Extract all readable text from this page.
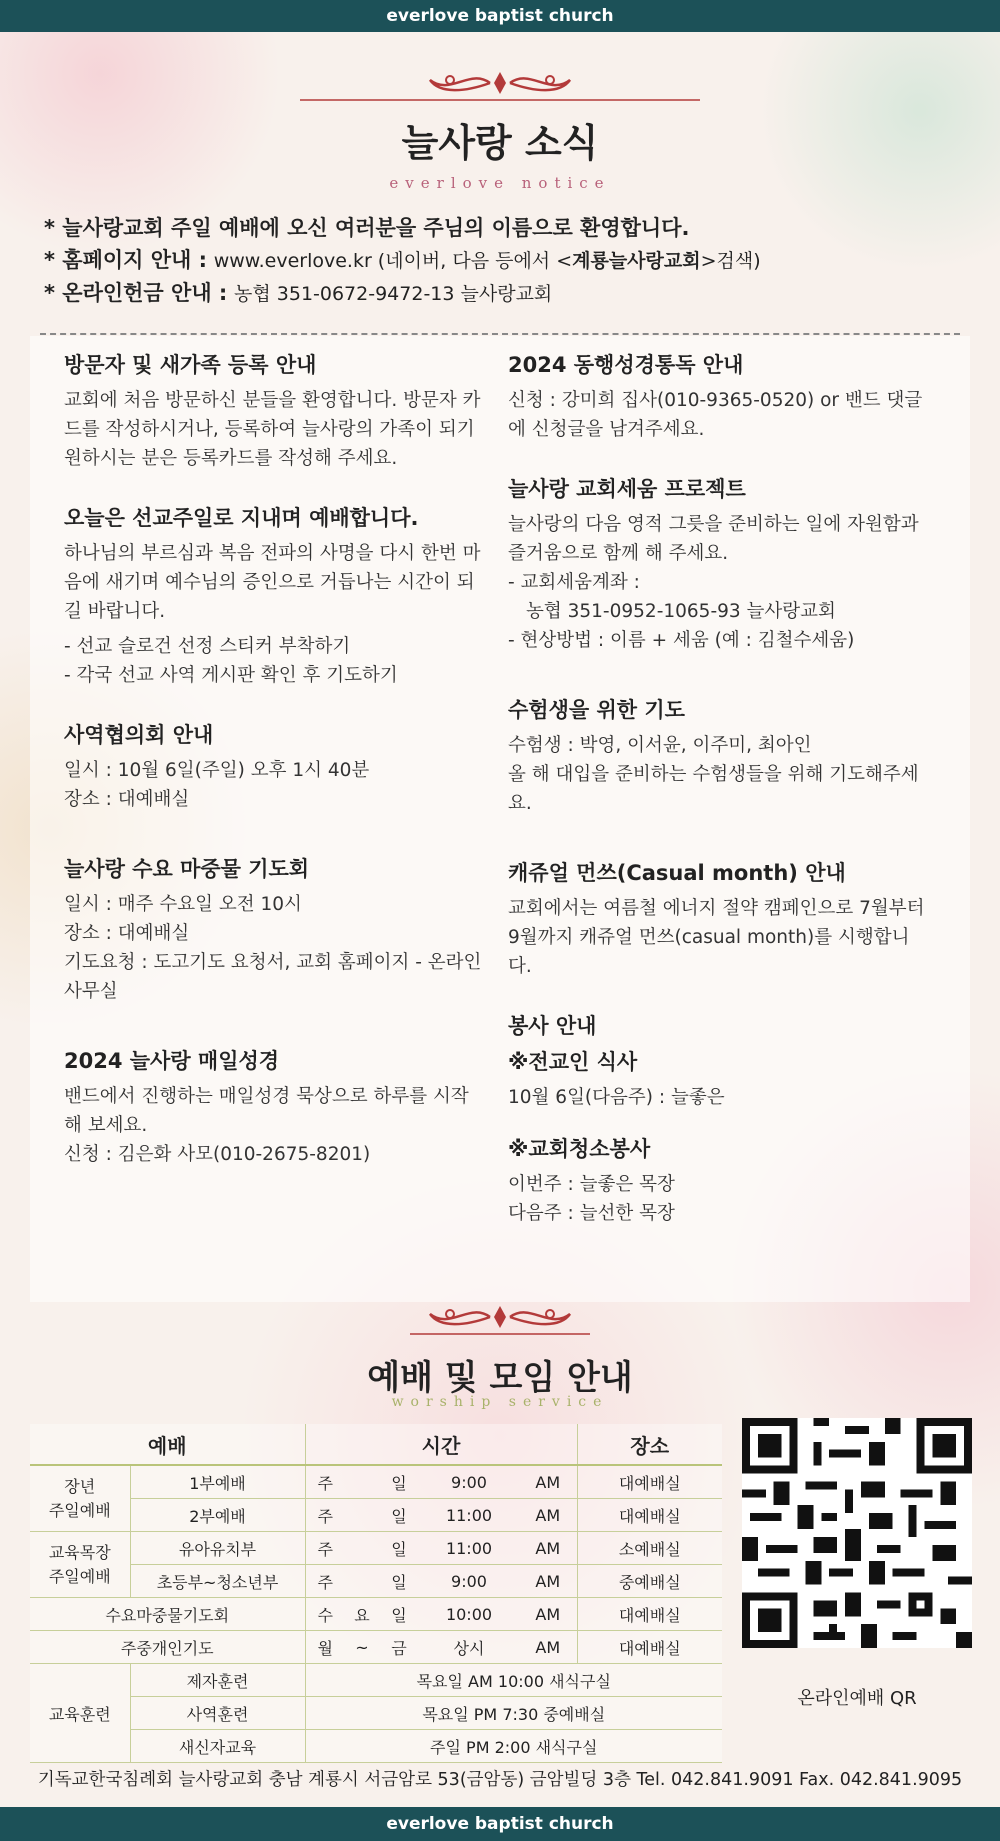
everlove baptist church
늘사랑 소식
everlove notice
* 늘사랑교회 주일 예배에 오신 여러분을 주님의 이름으로 환영합니다.
* 홈페이지 안내 : www.everlove.kr (네이버, 다음 등에서 <계룡늘사랑교회>검색)
* 온라인헌금 안내 : 농협 351-0672-9472-13 늘사랑교회
방문자 및 새가족 등록 안내

교회에 처음 방문하신 분들을 환영합니다. 방문자 카드를 작성하시거나, 등록하여 늘사랑의 가족이 되기 원하시는 분은 등록카드를 작성해 주세요.

오늘은 선교주일로 지내며 예배합니다.

하나님의 부르심과 복음 전파의 사명을 다시 한번 마음에 새기며 예수님의 증인으로 거듭나는 시간이 되길 바랍니다.

- 선교 슬로건 선정 스티커 부착하기

- 각국 선교 사역 게시판 확인 후 기도하기

사역협의회 안내

일시 : 10월 6일(주일) 오후 1시 40분

장소 : 대예배실

늘사랑 수요 마중물 기도회

일시 : 매주 수요일 오전 10시

장소 : 대예배실

기도요청 : 도고기도 요청서, 교회 홈페이지 - 온라인 사무실

2024 늘사랑 매일성경

밴드에서 진행하는 매일성경 묵상으로 하루를 시작해 보세요.

신청 : 김은화 사모(010-2675-8201)

2024 동행성경통독 안내

신청 : 강미희 집사(010-9365-0520) or 밴드 댓글에 신청글을 남겨주세요.

늘사랑 교회세움 프로젝트

늘사랑의 다음 영적 그릇을 준비하는 일에 자원함과 즐거움으로 함께 해 주세요.

- 교회세움계좌 :

농협 351-0952-1065-93 늘사랑교회

- 현상방법 : 이름 + 세움 (예 : 김철수세움)

수험생을 위한 기도

수험생 : 박영, 이서윤, 이주미, 최아인

올 해 대입을 준비하는 수험생들을 위해 기도해주세요.

캐쥬얼 먼쓰(Casual month) 안내

교회에서는 여름철 에너지 절약 캠페인으로 7월부터 9월까지 캐쥬얼 먼쓰(casual month)를 시행합니다.

봉사 안내
※전교인 식사

10월 6일(다음주) : 늘좋은

※교회청소봉사

이번주 : 늘좋은 목장

다음주 : 늘선한 목장

예배 및 모임 안내
worship service
예배		시간					장소
장년
주일예배	1부예배	주		일	9:00	AM	대예배실
	2부예배	주		일	11:00	AM	대예배실
교육목장
주일예배	유아유치부	주		일	11:00	AM	소예배실
	초등부~청소년부	주		일	9:00	AM	중예배실
수요마중물기도회		수	요	일	10:00	AM	대예배실
주중개인기도		월	~	금	상시	AM	대예배실
교육훈련	제자훈련	목요일 AM 10:00 새식구실					
	사역훈련	목요일 PM 7:30 중예배실					
	새신자교육	주일 PM 2:00 새식구실					
온라인예배 QR
기독교한국침례회 늘사랑교회 충남 계룡시 서금암로 53(금암동) 금암빌딩 3층 Tel. 042.841.9091 Fax. 042.841.9095
everlove baptist church
